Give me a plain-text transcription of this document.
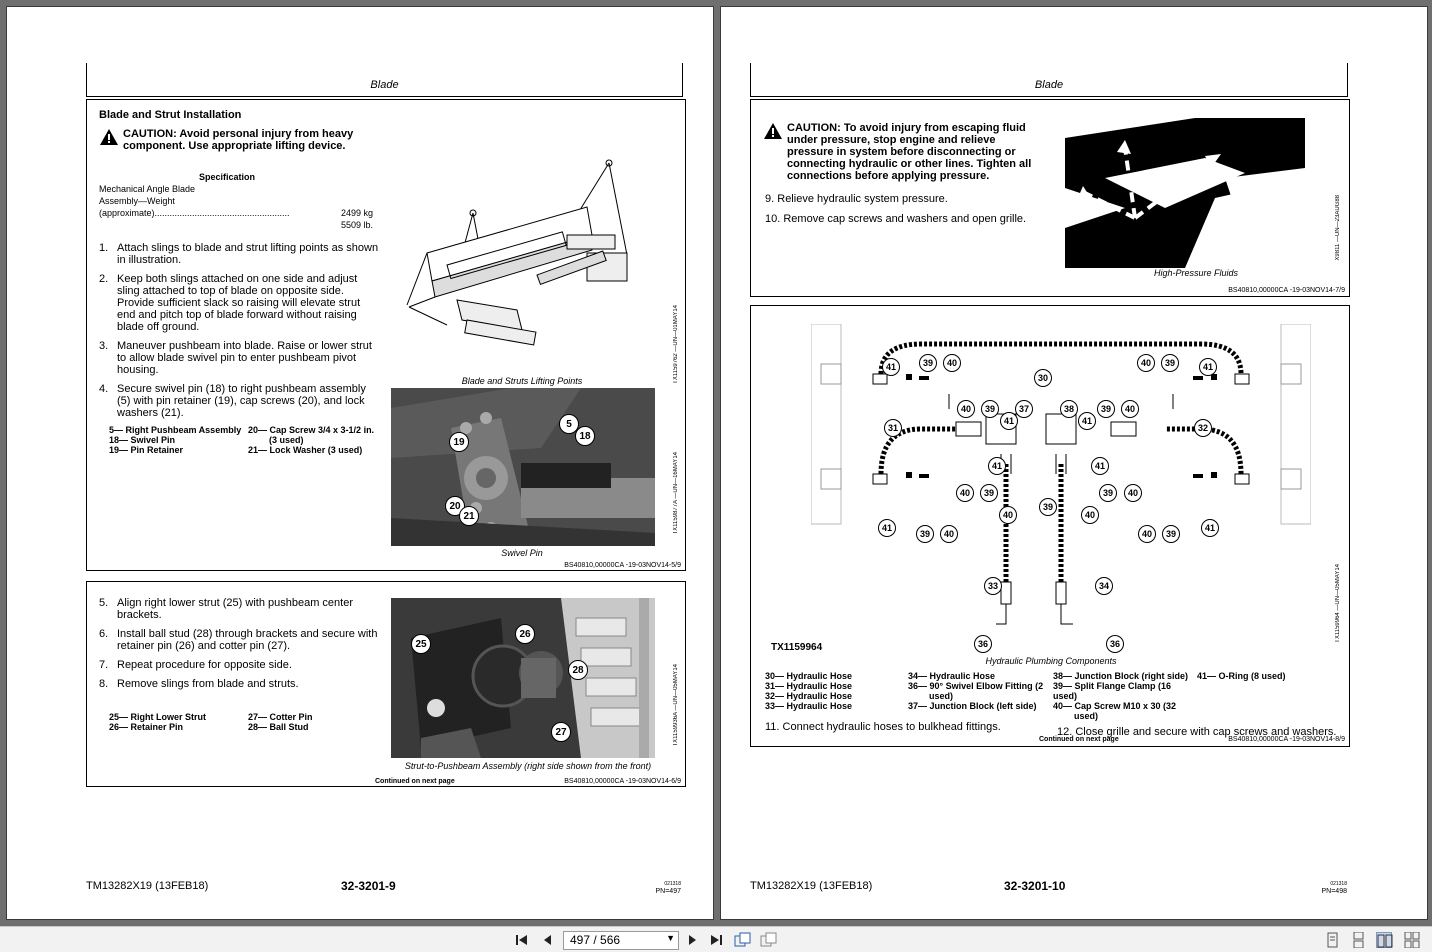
Blade
Blade and Strut Installation
CAUTION: Avoid personal injury from heavy component. Use appropriate lifting device.
Specification
Mechanical Angle Blade
Assembly—Weight
(approximate)......................................................	2499 kg
5509 lb.
1. Attach slings to blade and strut lifting points as shown in illustration.
2. Keep both slings attached on one side and adjust sling attached to top of blade on opposite side. Provide sufficient slack so raising will elevate strut end and pitch top of blade forward without raising blade off ground.
3. Maneuver pushbeam into blade. Raise or lower strut to allow blade swivel pin to enter pushbeam pivot housing.
4. Secure swivel pin (18) to right pushbeam assembly (5) with pin retainer (19), cap screws (20), and lock washers (21).
5— Right Pushbeam Assembly
18— Swivel Pin
19— Pin Retainer
20— Cap Screw 3/4 x 3-1/2 in.
(3 used)
21— Lock Washer (3 used)
TX1159762 —UN—01MAY14
Blade and Struts Lifting Points
5
18
19
20
21	TX1159877A —UN—16MAY14
Swivel Pin
BS40810,00000CA -19-03NOV14-5/9
5. Align right lower strut (25) with pushbeam center brackets.
6. Install ball stud (28) through brackets and secure with retainer pin (26) and cotter pin (27).
7. Repeat procedure for opposite side.
8. Remove slings from blade and struts.
25— Right Lower Strut
26— Retainer Pin
27— Cotter Pin
28— Ball Stud
25
26
28
27	TX1159936A —UN—05MAY14
Strut-to-Pushbeam Assembly (right side shown from the front)
Continued on next page	BS40810,00000CA -19-03NOV14-6/9
TM13282X19 (13FEB18)	32-3201-9	021318
PN=497
Blade
CAUTION: To avoid injury from escaping fluid under pressure, stop engine and relieve pressure in system before disconnecting or connecting hydraulic or other lines. Tighten all connections before applying pressure.
9. Relieve hydraulic system pressure.
10. Remove cap screws and washers and open grille.	X9811 —UN—23AUG88
High-Pressure Fluids
BS40810,00000CA -19-03NOV14-7/9
41	39	40
30
40	39	41
40	39	37
41
38
41
39	40
31	32
41	41
40	39	39	40
39
40	40
41
39	40	40	39
41
33	34
36	36
TX1159964
TX1159964 —UN—05MAY14
Hydraulic Plumbing Components
30— Hydraulic Hose
31— Hydraulic Hose
32— Hydraulic Hose
33— Hydraulic Hose
34— Hydraulic Hose
36— 90° Swivel Elbow Fitting (2
used)
37— Junction Block (left side)
38— Junction Block (right side)
39— Split Flange Clamp (16 used)
40— Cap Screw M10 x 30 (32
used)
41— O-Ring (8 used)
11. Connect hydraulic hoses to bulkhead fittings.	12. Close grille and secure with cap screws and washers.
Continued on next page	BS40810,00000CA -19-03NOV14-8/9
TM13282X19 (13FEB18)	32-3201-10	021318
PN=498
497 / 566	▼
